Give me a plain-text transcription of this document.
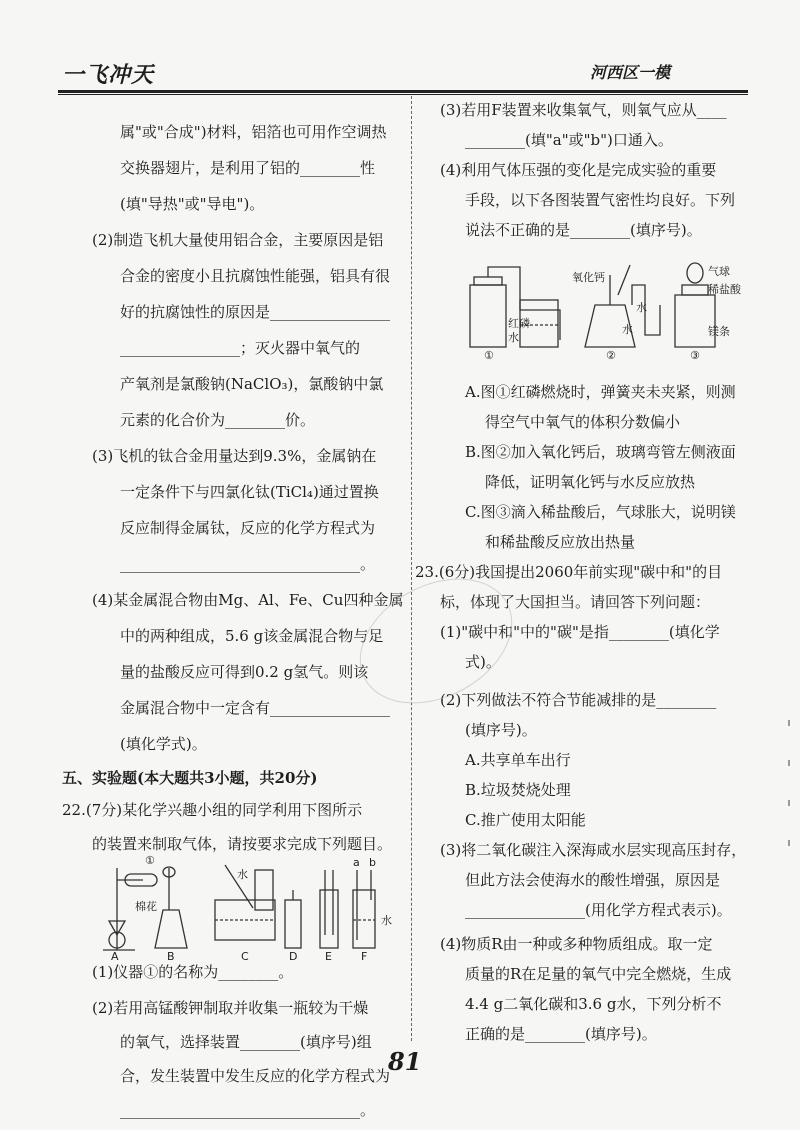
一飞冲天	河西区一模
属"或"合成")材料，铝箔也可用作空调热
交换器翅片，是利用了铝的________性
(填"导热"或"导电")。
(2)制造飞机大量使用铝合金，主要原因是铝
合金的密度小且抗腐蚀性能强，铝具有很
好的抗腐蚀性的原因是________________
________________；灭火器中氧气的
产氧剂是氯酸钠(NaClO₃)，氯酸钠中氯
元素的化合价为________价。
(3)飞机的钛合金用量达到9.3%，金属钠在
一定条件下与四氯化钛(TiCl₄)通过置换
反应制得金属钛，反应的化学方程式为
________________________________。
(4)某金属混合物由Mg、Al、Fe、Cu四种金属
中的两种组成，5.6 g该金属混合物与足
量的盐酸反应可得到0.2 g氢气。则该
金属混合物中一定含有________________
(填化学式)。
五、实验题(本大题共3小题，共20分)
22.(7分)某化学兴趣小组的同学利用下图所示
的装置来制取气体，请按要求完成下列题目。
①
棉花
水
a b
水
A	B	C	D	E	F
(1)仪器①的名称为________。
(2)若用高锰酸钾制取并收集一瓶较为干燥
的氧气，选择装置________(填序号)组
合，发生装置中发生反应的化学方程式为
________________________________。
(3)若用F装置来收集氧气，则氧气应从____
________(填"a"或"b")口通入。
(4)利用气体压强的变化是完成实验的重要
手段，以下各图装置气密性均良好。下列
说法不正确的是________(填序号)。
红磷
水
氧化钙
水
水
气球
稀盐酸
镁条
①	②	③
A.图①红磷燃烧时，弹簧夹未夹紧，则测
得空气中氧气的体积分数偏小
B.图②加入氧化钙后，玻璃弯管左侧液面
降低，证明氧化钙与水反应放热
C.图③滴入稀盐酸后，气球胀大，说明镁
和稀盐酸反应放出热量
23.(6分)我国提出2060年前实现"碳中和"的目
标，体现了大国担当。请回答下列问题：
(1)"碳中和"中的"碳"是指________(填化学
式)。
(2)下列做法不符合节能减排的是________
(填序号)。
A.共享单车出行
B.垃圾焚烧处理
C.推广使用太阳能
(3)将二氧化碳注入深海咸水层实现高压封存，
但此方法会使海水的酸性增强，原因是
________________(用化学方程式表示)。
(4)物质R由一种或多种物质组成。取一定
质量的R在足量的氧气中完全燃烧，生成
4.4 g二氧化碳和3.6 g水，下列分析不
正确的是________(填序号)。
81
